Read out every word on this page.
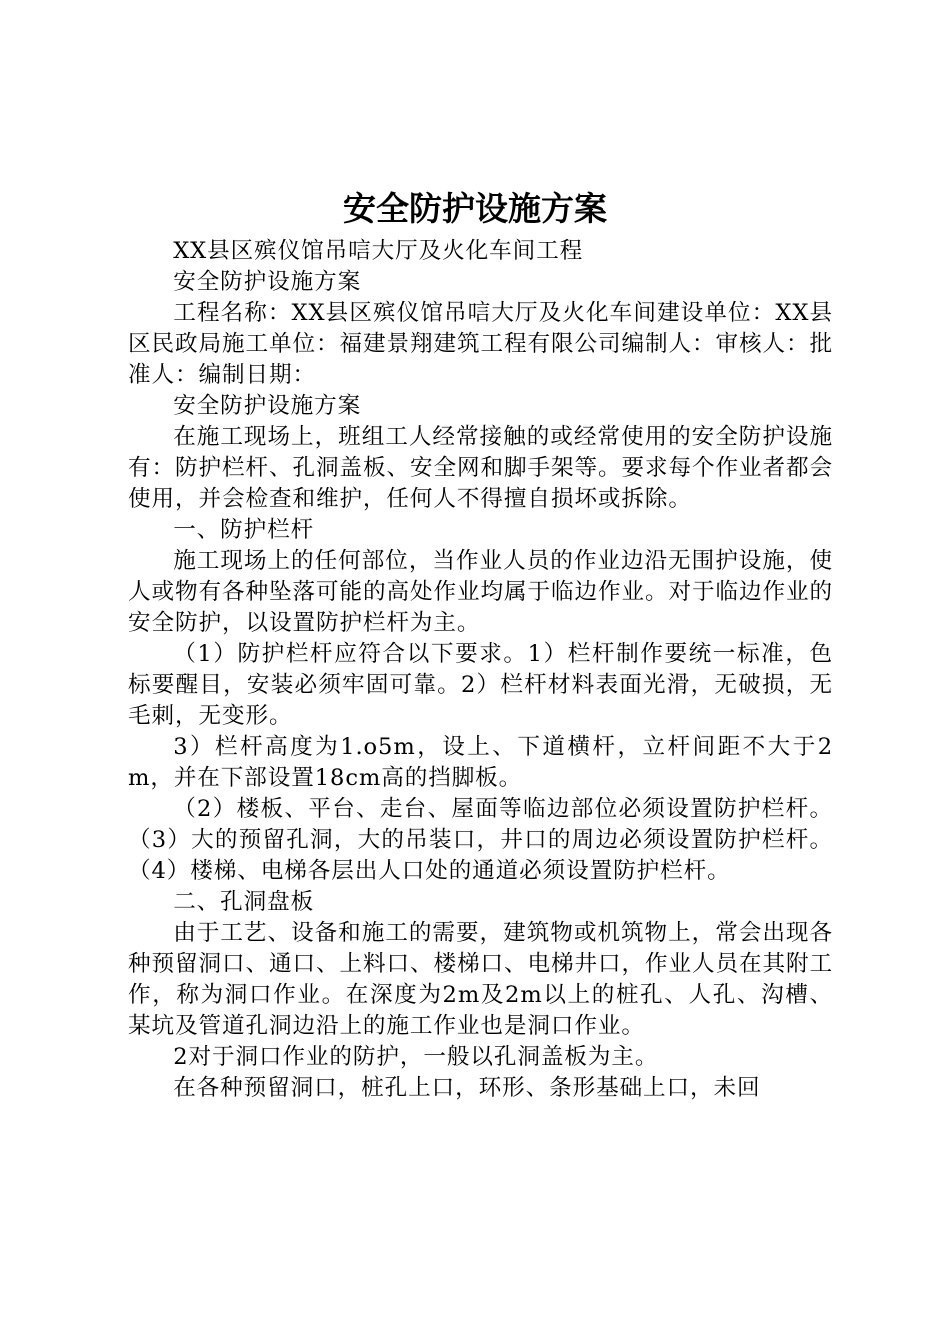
安全防护设施方案

XX县区殡仪馆吊唁大厅及火化车间工程

安全防护设施方案

工程名称：XX县区殡仪馆吊唁大厅及火化车间建设单位：XX县区民政局施工单位：福建景翔建筑工程有限公司编制人：审核人：批准人：编制日期：

安全防护设施方案

在施工现场上，班组工人经常接触的或经常使用的安全防护设施有：防护栏杆、孔洞盖板、安全网和脚手架等。要求每个作业者都会使用，并会检查和维护，任何人不得擅自损坏或拆除。

一、防护栏杆

施工现场上的任何部位，当作业人员的作业边沿无围护设施，使人或物有各种坠落可能的高处作业均属于临边作业。对于临边作业的安全防护，以设置防护栏杆为主。

（1）防护栏杆应符合以下要求。1）栏杆制作要统一标准，色标要醒目，安装必须牢固可靠。2）栏杆材料表面光滑，无破损，无毛刺，无变形。

3）栏杆高度为1.o5m，设上、下道横杆，立杆间距不大于2m，并在下部设置18cm高的挡脚板。

（2）楼板、平台、走台、屋面等临边部位必须设置防护栏杆。（3）大的预留孔洞，大的吊装口，井口的周边必须设置防护栏杆。（4）楼梯、电梯各层出人口处的通道必须设置防护栏杆。

二、孔洞盘板

由于工艺、设备和施工的需要，建筑物或机筑物上，常会出现各种预留洞口、通口、上料口、楼梯口、电梯井口，作业人员在其附工作，称为洞口作业。在深度为2m及2m以上的桩孔、人孔、沟槽、某坑及管道孔洞边沿上的施工作业也是洞口作业。

2对于洞口作业的防护，一般以孔洞盖板为主。

在各种预留洞口，桩孔上口，环形、条形基础上口，未回
